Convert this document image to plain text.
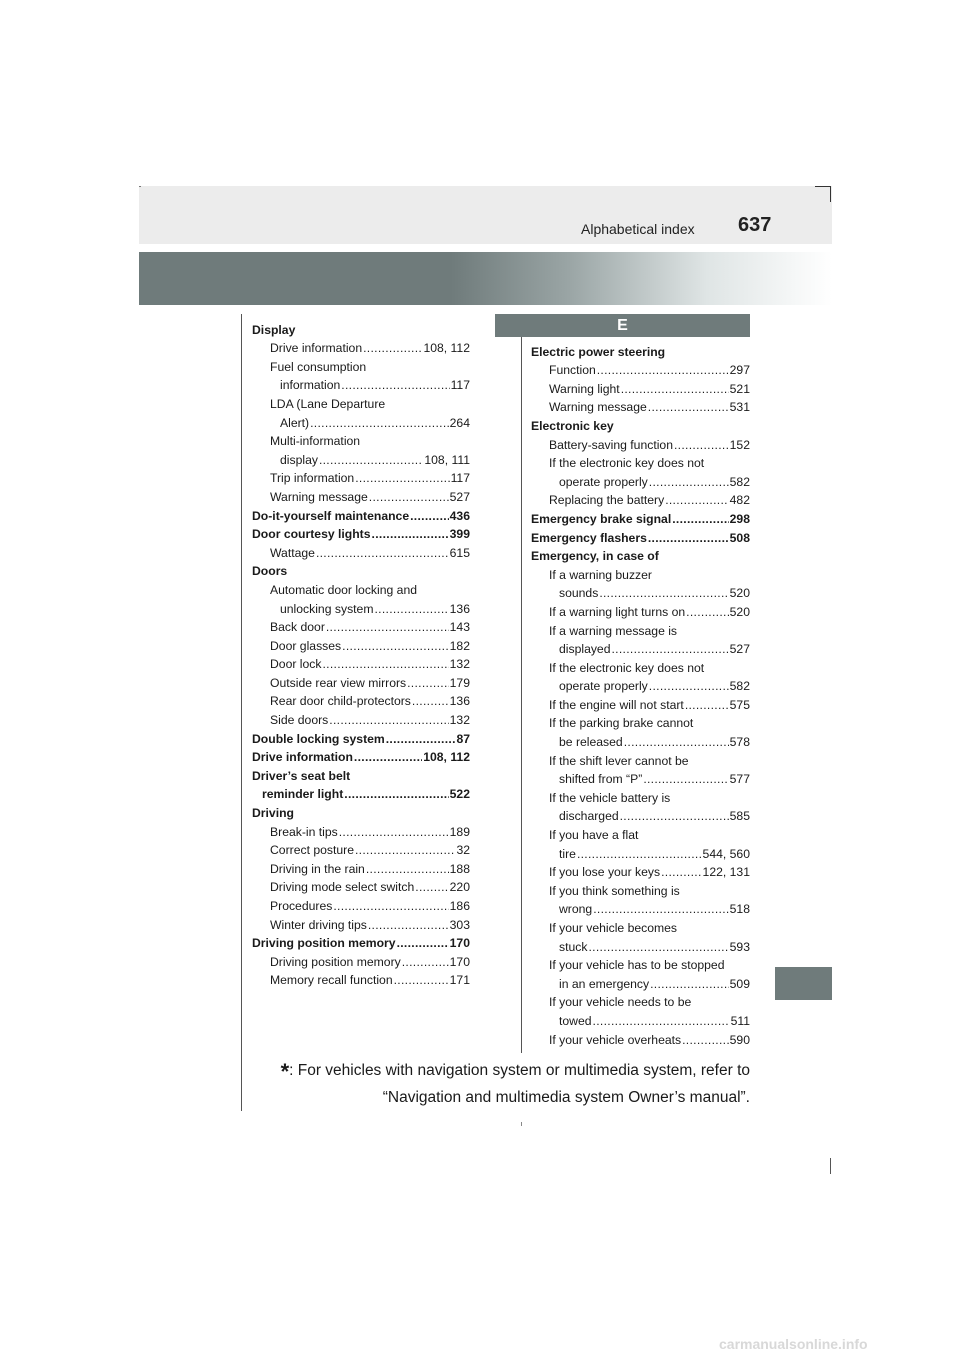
Alphabetical index 637
E
Display
Drive information .....	108, 112
Fuel consumption
information .....	117
LDA (Lane Departure
Alert) .....	264
Multi-information
display .....	108, 111
Trip information .....	117
Warning message .....	527
Do-it-yourself maintenance .....	436
Door courtesy lights .....	399
Wattage .....	615
Doors
Automatic door locking and
unlocking system .....	136
Back door .....	143
Door glasses .....	182
Door lock .....	132
Outside rear view mirrors .....	179
Rear door child-protectors .....	136
Side doors .....	132
Double locking system .....	87
Drive information .....	108, 112
Driver’s seat belt
reminder light .....	522
Driving
Break-in tips .....	189
Correct posture .....	32
Driving in the rain .....	188
Driving mode select switch .....	220
Procedures .....	186
Winter driving tips .....	303
Driving position memory .....	170
Driving position memory .....	170
Memory recall function .....	171
Electric power steering
Function .....	297
Warning light .....	521
Warning message .....	531
Electronic key
Battery-saving function .....	152
If the electronic key does not
operate properly .....	582
Replacing the battery .....	482
Emergency brake signal .....	298
Emergency flashers .....	508
Emergency, in case of
If a warning buzzer
sounds .....	520
If a warning light turns on .....	520
If a warning message is
displayed .....	527
If the electronic key does not
operate properly .....	582
If the engine will not start .....	575
If the parking brake cannot
be released .....	578
If the shift lever cannot be
shifted from “P” .....	577
If the vehicle battery is
discharged .....	585
If you have a flat
tire .....	544, 560
If you lose your keys .....	122, 131
If you think something is
wrong .....	518
If your vehicle becomes
stuck .....	593
If your vehicle has to be stopped
in an emergency .....	509
If your vehicle needs to be
towed .....	511
If your vehicle overheats .....	590
*: For vehicles with navigation system or multimedia system, refer to
“Navigation and multimedia system Owner’s manual”.
carmanualsonline.info
